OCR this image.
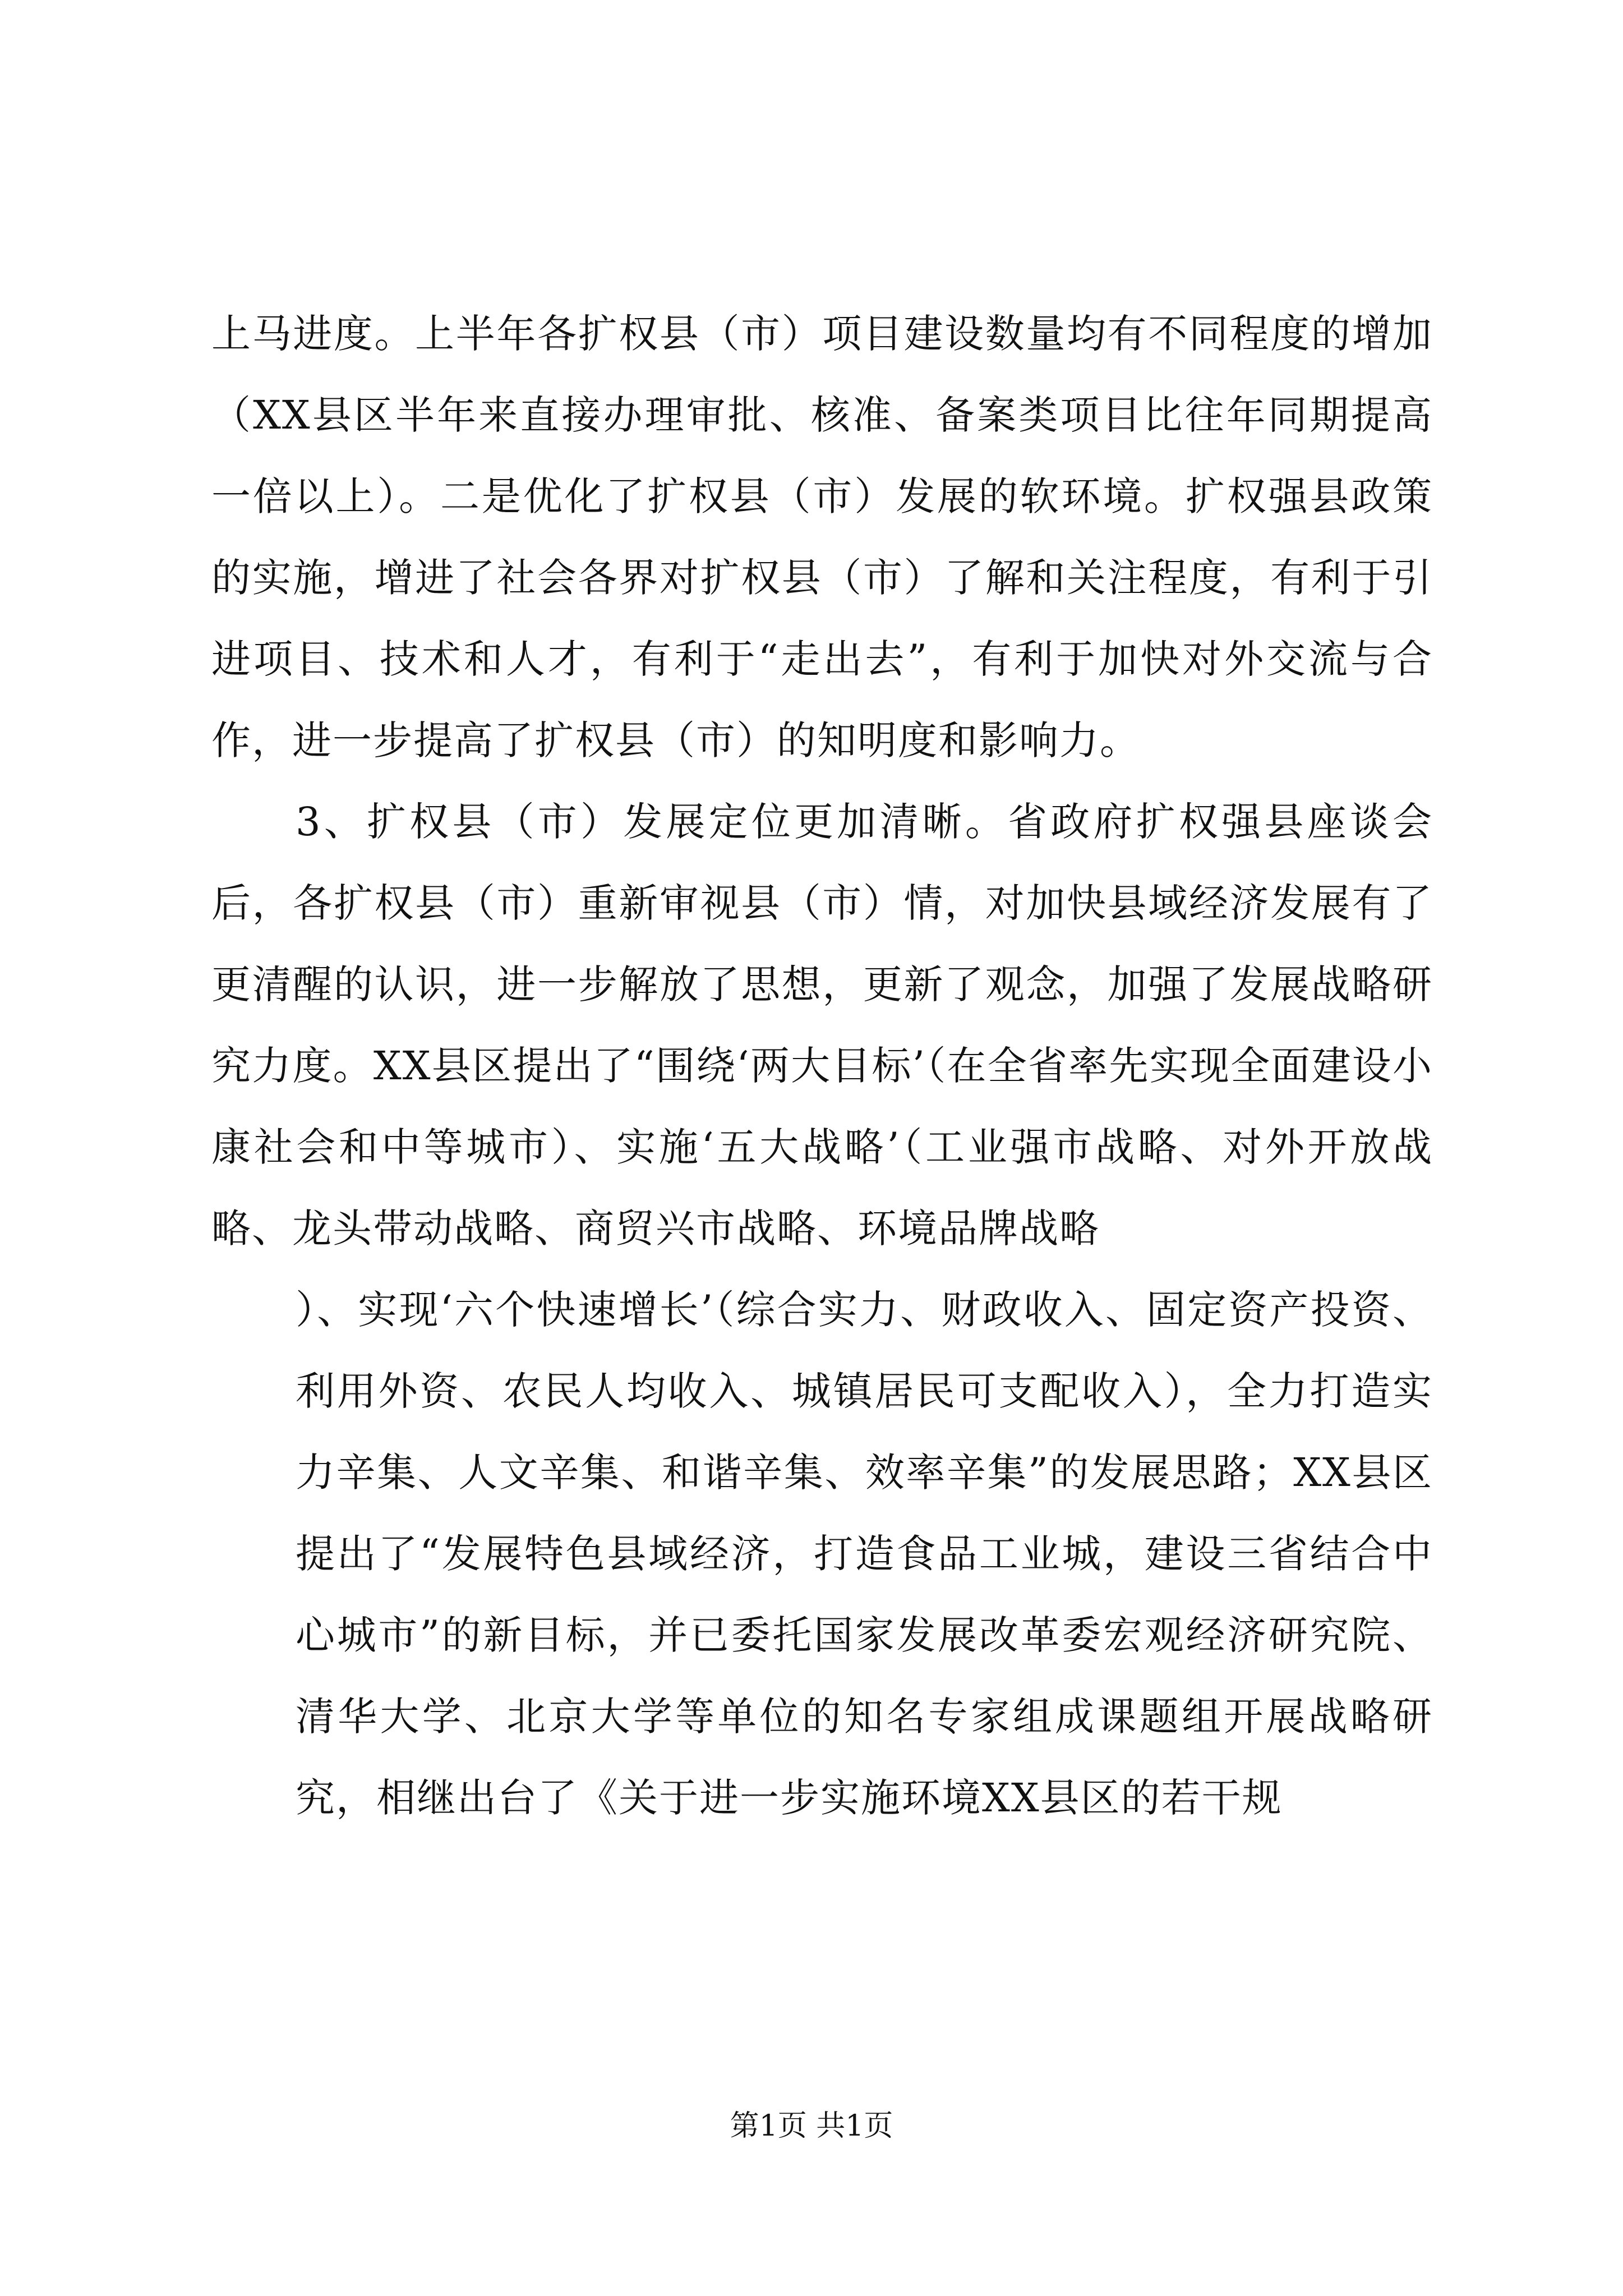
上马进度。上半年各扩权县（市）项目建设数量均有不同程度的增加（XX县区半年来直接办理审批、核准、备案类项目比往年同期提高一倍以上）。二是优化了扩权县（市）发展的软环境。扩权强县政策的实施，增进了社会各界对扩权县（市）了解和关注程度，有利于引进项目、技术和人才，有利于“走出去”，有利于加快对外交流与合作，进一步提高了扩权县（市）的知明度和影响力。

3、扩权县（市）发展定位更加清晰。省政府扩权强县座谈会后，各扩权县（市）重新审视县（市）情，对加快县域经济发展有了更清醒的认识，进一步解放了思想，更新了观念，加强了发展战略研究力度。XX县区提出了“围绕‘两大目标’（在全省率先实现全面建设小康社会和中等城市）、实施‘五大战略’（工业强市战略、对外开放战略、龙头带动战略、商贸兴市战略、环境品牌战略

）、实现‘六个快速增长’（综合实力、财政收入、固定资产投资、利用外资、农民人均收入、城镇居民可支配收入），全力打造实力辛集、人文辛集、和谐辛集、效率辛集”的发展思路；XX县区提出了“发展特色县域经济，打造食品工业城，建设三省结合中心城市”的新目标，并已委托国家发展改革委宏观经济研究院、清华大学、北京大学等单位的知名专家组成课题组开展战略研究，相继出台了《关于进一步实施环境XX县区的若干规

第1页 共1页
